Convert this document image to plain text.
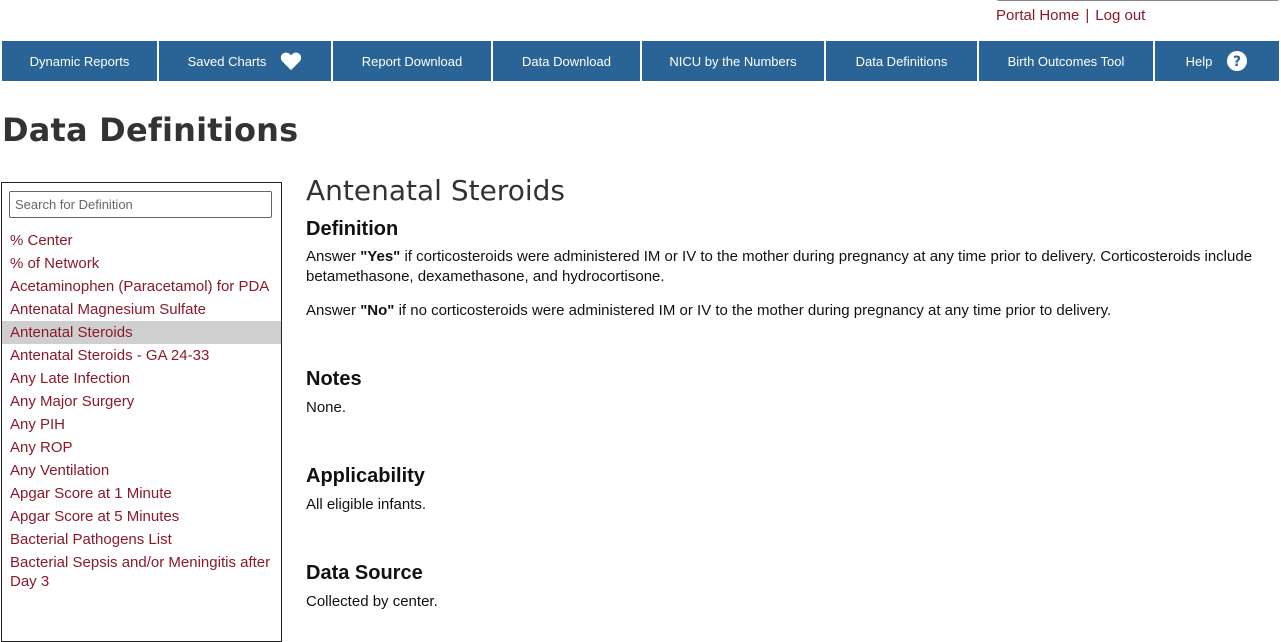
Portal Home | Log out
Dynamic Reports	Saved Charts	Report Download	Data Download	NICU by the Numbers	Data Definitions	Birth Outcomes Tool	Help ?
Data Definitions
Search for Definition
% Center
% of Network
Acetaminophen (Paracetamol) for PDA
Antenatal Magnesium Sulfate
Antenatal Steroids
Antenatal Steroids - GA 24-33
Any Late Infection
Any Major Surgery
Any PIH
Any ROP
Any Ventilation
Apgar Score at 1 Minute
Apgar Score at 5 Minutes
Bacterial Pathogens List
Bacterial Sepsis and/or Meningitis after Day 3
Antenatal Steroids
Definition

Answer "Yes" if corticosteroids were administered IM or IV to the mother during pregnancy at any time prior to delivery. Corticosteroids include betamethasone, dexamethasone, and hydrocortisone.

Answer "No" if no corticosteroids were administered IM or IV to the mother during pregnancy at any time prior to delivery.

Notes

None.

Applicability

All eligible infants.

Data Source

Collected by center.
